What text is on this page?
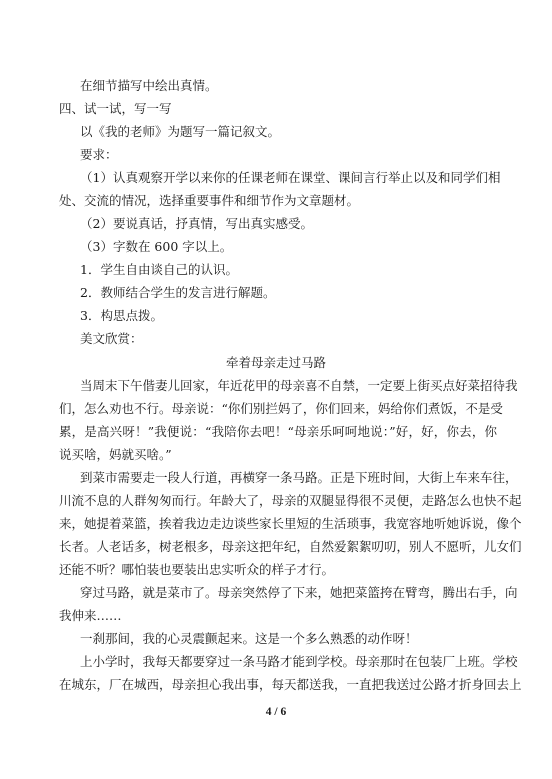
在细节描写中绘出真情。
四、试一试，写一写
以《我的老师》为题写一篇记叙文。
要求：
（1）认真观察开学以来你的任课老师在课堂、课间言行举止以及和同学们相
处、交流的情况，选择重要事件和细节作为文章题材。
（2）要说真话，抒真情，写出真实感受。
（3）字数在 600 字以上。
1．学生自由谈自己的认识。
2．教师结合学生的发言进行解题。
3．构思点拨。
美文欣赏：
牵着母亲走过马路
当周末下午偕妻儿回家，年近花甲的母亲喜不自禁，一定要上街买点好菜招待我
们，怎么劝也不行。母亲说：“你们别拦妈了，你们回来，妈给你们煮饭，不是受
累，是高兴呀！”我便说：“我陪你去吧！“母亲乐呵呵地说：”好，好，你去，你
说买啥，妈就买啥。”
到菜市需要走一段人行道，再横穿一条马路。正是下班时间，大街上车来车往，
川流不息的人群匆匆而行。年龄大了，母亲的双腿显得很不灵便，走路怎么也快不起
来，她提着菜篮，挨着我边走边谈些家长里短的生活琐事，我宽容地听她诉说，像个
长者。人老话多，树老根多，母亲这把年纪，自然爱絮絮叨叨，别人不愿听，儿女们
还能不听？哪怕装也要装出忠实听众的样子才行。
穿过马路，就是菜市了。母亲突然停了下来，她把菜篮挎在臂弯，腾出右手，向
我伸来……
一刹那间，我的心灵震颤起来。这是一个多么熟悉的动作呀！
上小学时，我每天都要穿过一条马路才能到学校。母亲那时在包装厂上班。学校
在城东，厂在城西，母亲担心我出事，每天都送我，一直把我送过公路才折身回去上
4 / 6
